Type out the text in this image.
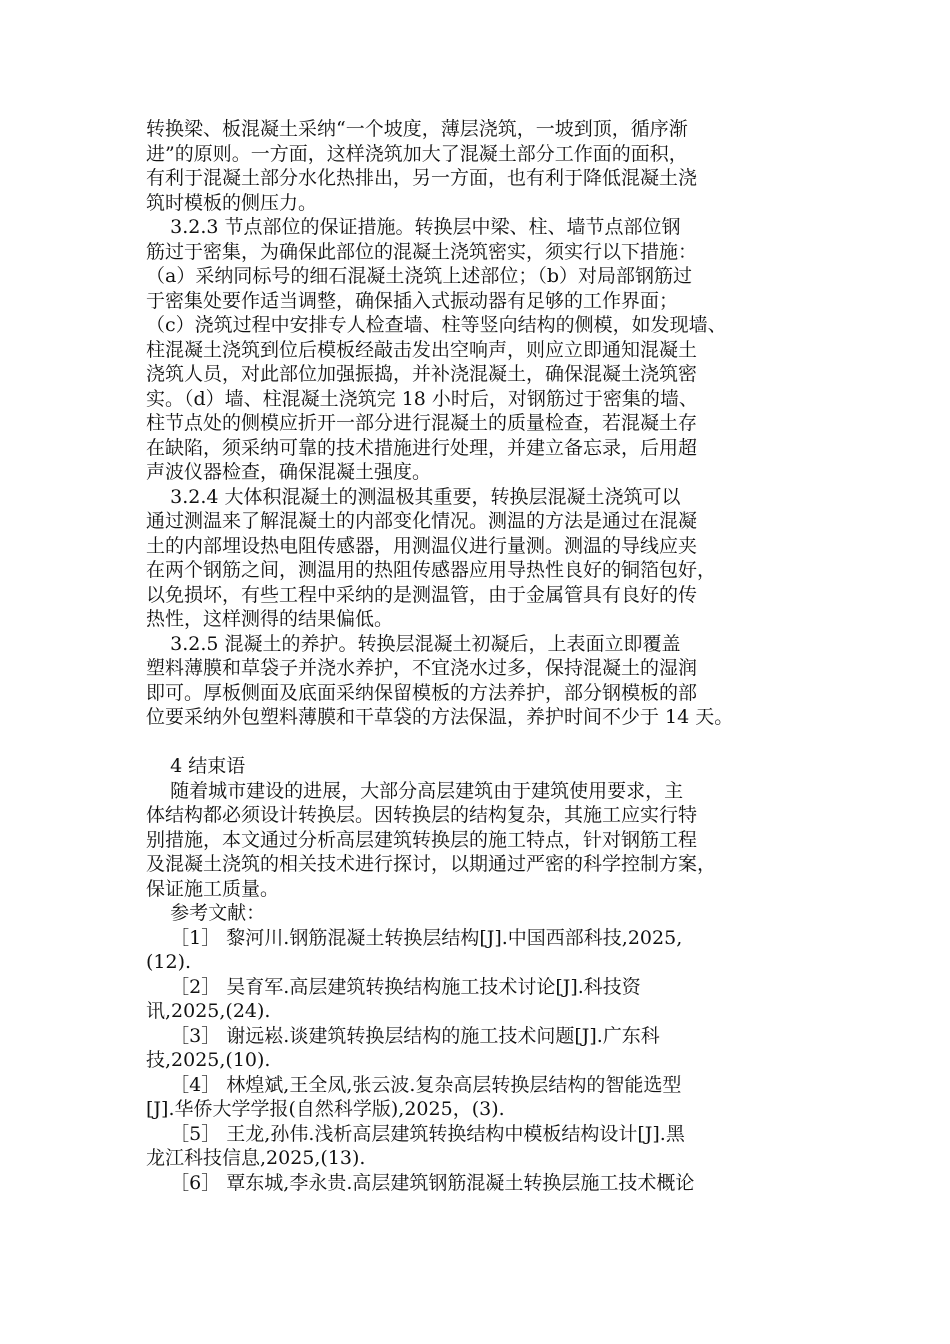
转换梁、板混凝土采纳“一个坡度，薄层浇筑，一坡到顶，循序渐
进”的原则。一方面，这样浇筑加大了混凝土部分工作面的面积，
有利于混凝土部分水化热排出，另一方面，也有利于降低混凝土浇
筑时模板的侧压力。
3.2.3 节点部位的保证措施。转换层中梁、柱、墙节点部位钢
筋过于密集，为确保此部位的混凝土浇筑密实，须实行以下措施：
（a）采纳同标号的细石混凝土浇筑上述部位；（b）对局部钢筋过
于密集处要作适当调整，确保插入式振动器有足够的工作界面；
（c）浇筑过程中安排专人检查墙、柱等竖向结构的侧模，如发现墙、
柱混凝土浇筑到位后模板经敲击发出空响声，则应立即通知混凝土
浇筑人员，对此部位加强振捣，并补浇混凝土，确保混凝土浇筑密
实。（d）墙、柱混凝土浇筑完 18 小时后，对钢筋过于密集的墙、
柱节点处的侧模应折开一部分进行混凝土的质量检查，若混凝土存
在缺陷，须采纳可靠的技术措施进行处理，并建立备忘录，后用超
声波仪器检查，确保混凝土强度。
3.2.4 大体积混凝土的测温极其重要，转换层混凝土浇筑可以
通过测温来了解混凝土的内部变化情况。测温的方法是通过在混凝
土的内部埋设热电阻传感器，用测温仪进行量测。测温的导线应夹
在两个钢筋之间，测温用的热阻传感器应用导热性良好的铜箔包好，
以免损坏，有些工程中采纳的是测温管，由于金属管具有良好的传
热性，这样测得的结果偏低。
3.2.5 混凝土的养护。转换层混凝土初凝后，上表面立即覆盖
塑料薄膜和草袋子并浇水养护，不宜浇水过多，保持混凝土的湿润
即可。厚板侧面及底面采纳保留模板的方法养护，部分钢模板的部
位要采纳外包塑料薄膜和干草袋的方法保温，养护时间不少于 14 天。
4 结束语
随着城市建设的进展，大部分高层建筑由于建筑使用要求，主
体结构都必须设计转换层。因转换层的结构复杂，其施工应实行特
别措施，本文通过分析高层建筑转换层的施工特点，针对钢筋工程
及混凝土浇筑的相关技术进行探讨，以期通过严密的科学控制方案，
保证施工质量。
参考文献：
［1］ 黎河川.钢筋混凝土转换层结构[J].中国西部科技,2025,
(12).
［2］ 吴育军.高层建筑转换结构施工技术讨论[J].科技资
讯,2025,(24).
［3］ 谢远崧.谈建筑转换层结构的施工技术问题[J].广东科
技,2025,(10).
［4］ 林煌斌,王全凤,张云波.复杂高层转换层结构的智能选型
[J].华侨大学学报(自然科学版),2025，(3).
［5］ 王龙,孙伟.浅析高层建筑转换结构中模板结构设计[J].黑
龙江科技信息,2025,(13).
［6］ 覃东城,李永贵.高层建筑钢筋混凝土转换层施工技术概论
